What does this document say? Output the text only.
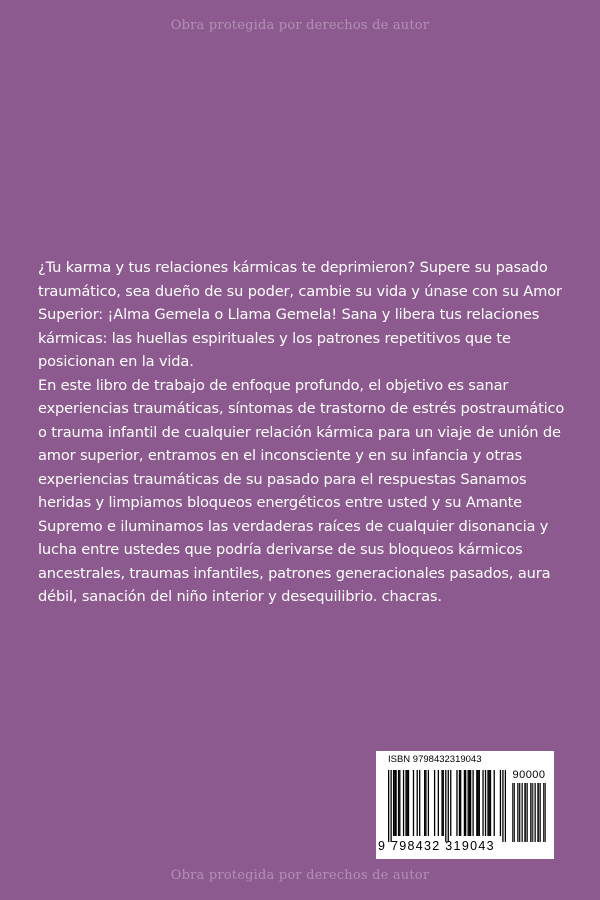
Obra protegida por derechos de autor

¿Tu karma y tus relaciones kármicas te deprimieron? Supere su pasado traumático, sea dueño de su poder, cambie su vida y únase con su Amor Superior: ¡Alma Gemela o Llama Gemela! Sana y libera tus relaciones kármicas: las huellas espirituales y los patrones repetitivos que te posicionan en la vida.

En este libro de trabajo de enfoque profundo, el objetivo es sanar experiencias traumáticas, síntomas de trastorno de estrés postraumático o trauma infantil de cualquier relación kármica para un viaje de unión de amor superior, entramos en el inconsciente y en su infancia y otras experiencias traumáticas de su pasado para el respuestas Sanamos heridas y limpiamos bloqueos energéticos entre usted y su Amante Supremo e iluminamos las verdaderas raíces de cualquier disonancia y lucha entre ustedes que podría derivarse de sus bloqueos kármicos ancestrales, traumas infantiles, patrones generacionales pasados, aura débil, sanación del niño interior y desequilibrio. chacras.

ISBN 9798432319043
90000
9 798432 319043
Obra protegida por derechos de autor
